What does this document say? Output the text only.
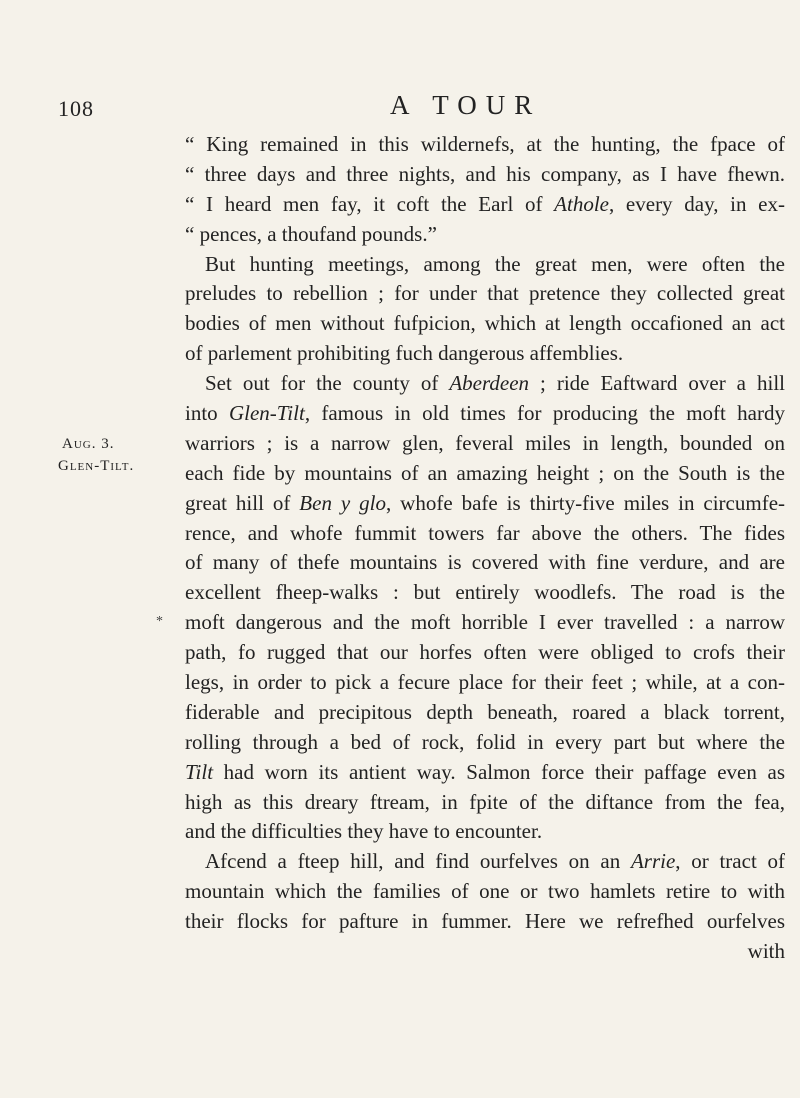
108	A TOUR
Aug. 3.
Glen-Tilt.
*
“ King remained in this wildernefs, at the hunting, the fpace of
“ three days and three nights, and his company, as I have fhewn.
“ I heard men fay, it coft the Earl of Athole, every day, in ex-
“ pences, a thoufand pounds.”
But hunting meetings, among the great men, were often the
preludes to rebellion ; for under that pretence they collected great
bodies of men without fufpicion, which at length occafioned an act
of parlement prohibiting fuch dangerous affemblies.
Set out for the county of Aberdeen ; ride Eaftward over a hill
into Glen-Tilt, famous in old times for producing the moft hardy
warriors ; is a narrow glen, feveral miles in length, bounded on
each fide by mountains of an amazing height ; on the South is the
great hill of Ben y glo, whofe bafe is thirty-five miles in circumfe-
rence, and whofe fummit towers far above the others. The fides
of many of thefe mountains is covered with fine verdure, and are
excellent fheep-walks : but entirely woodlefs. The road is the
moft dangerous and the moft horrible I ever travelled : a narrow
path, fo rugged that our horfes often were obliged to crofs their
legs, in order to pick a fecure place for their feet ; while, at a con-
fiderable and precipitous depth beneath, roared a black torrent,
rolling through a bed of rock, folid in every part but where the
Tilt had worn its antient way. Salmon force their paffage even as
high as this dreary ftream, in fpite of the diftance from the fea,
and the difficulties they have to encounter.
Afcend a fteep hill, and find ourfelves on an Arrie, or tract of
mountain which the families of one or two hamlets retire to with
their flocks for pafture in fummer. Here we refrefhed ourfelves
with
